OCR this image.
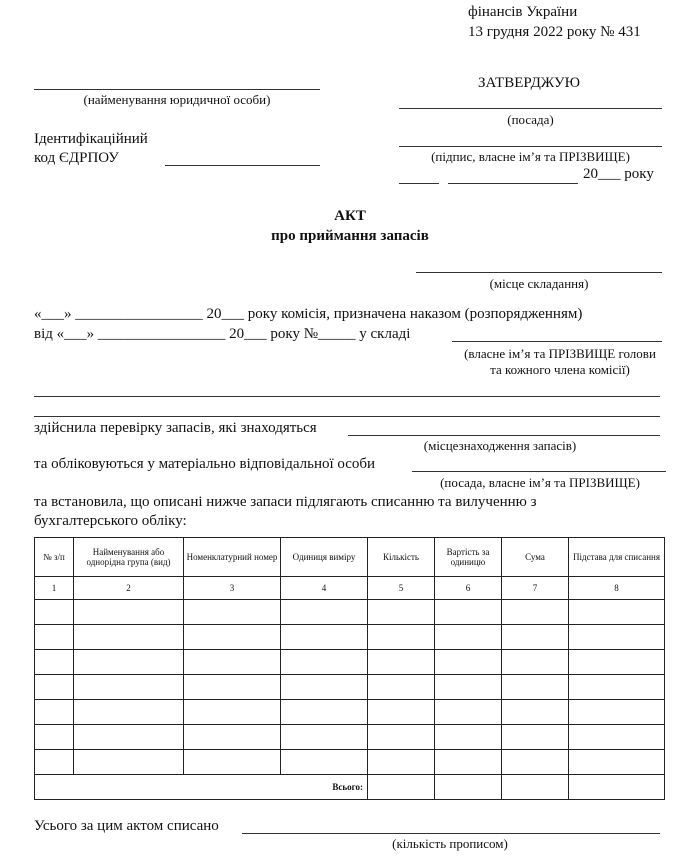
фінансів України
13 грудня 2022 року № 431
ЗАТВЕРДЖУЮ
(посада)
(підпис, власне ім’я та ПРІЗВИЩЕ)
20___ року
(найменування юридичної особи)
Ідентифікаційний
код ЄДРПОУ
АКТ
про приймання запасів
(місце складання)
«___» _________________ 20___ року комісія, призначена наказом (розпорядженням)
від «___» _________________ 20___ року №_____ у складі
(власне ім’я та ПРІЗВИЩЕ голови
та кожного члена комісії)
здійснила перевірку запасів, які знаходяться
(місцезнаходження запасів)
та обліковуються у матеріально відповідальної особи
(посада, власне ім’я та ПРІЗВИЩЕ)
та встановила, що описані нижче запаси підлягають списанню та вилученню з
бухгалтерського обліку:
№ з/п	Найменування або однорідна група (вид)	Номенклатурний номер	Одиниця виміру	Кількість	Вартість за одиницю	Сума	Підстава для списання
1	2	3	4	5	6	7	8

Всього:							
Усього за цим актом списано
(кількість прописом)
